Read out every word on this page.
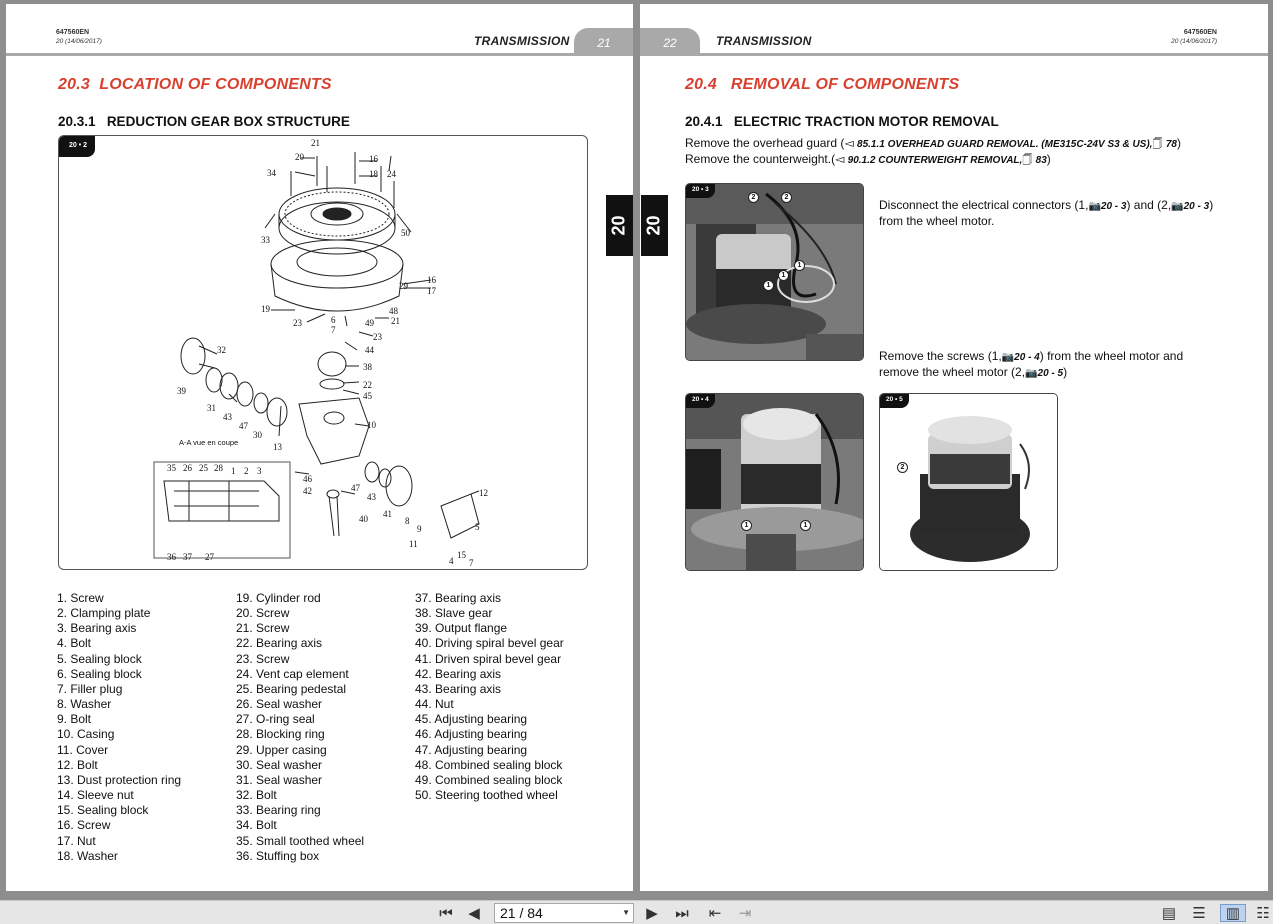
647560EN
20 (14/06/2017)	TRANSMISSION	21
20.3 LOCATION OF COMPONENTS
20.3.1 REDUCTION GEAR BOX STRUCTURE
20 • 2
A-A vue en coupe
21
20	16
34	18 24
33
50
16
29 17
19	48
21
23	6
7
49
23
32	44
38
39
22
45
31
43
47
30
13
10
35 26 25 28 1 2 3
46
42	47
43	12
41
40	8
9	5
11
4
15
7
36 37 27
1. Screw
2. Clamping plate
3. Bearing axis
4. Bolt
5. Sealing block
6. Sealing block
7. Filler plug
8. Washer
9. Bolt
10. Casing
11. Cover
12. Bolt
13. Dust protection ring
14. Sleeve nut
15. Sealing block
16. Screw
17. Nut
18. Washer
19. Cylinder rod
20. Screw
21. Screw
22. Bearing axis
23. Screw
24. Vent cap element
25. Bearing pedestal
26. Seal washer
27. O-ring seal
28. Blocking ring
29. Upper casing
30. Seal washer
31. Seal washer
32. Bolt
33. Bearing ring
34. Bolt
35. Small toothed wheel
36. Stuffing box
37. Bearing axis
38. Slave gear
39. Output flange
40. Driving spiral bevel gear
41. Driven spiral bevel gear
42. Bearing axis
43. Bearing axis
44. Nut
45. Adjusting bearing
46. Adjusting bearing
47. Adjusting bearing
48. Combined sealing block
49. Combined sealing block
50. Steering toothed wheel
20
22	TRANSMISSION
647560EN
20 (14/06/2017)
20
20.4 REMOVAL OF COMPONENTS
20.4.1 ELECTRIC TRACTION MOTOR REMOVAL
Remove the overhead guard (◅ 85.1.1 OVERHEAD GUARD REMOVAL. (ME315C-24V S3 & US),🗍 78)
Remove the counterweight.(◅ 90.1.2 COUNTERWEIGHT REMOVAL,🗍 83)
20 • 3
2	2
1
1
1
Disconnect the electrical connectors (1,📷20 - 3) and (2,📷20 - 3) from the wheel motor.
Remove the screws (1,📷20 - 4) from the wheel motor and remove the wheel motor (2,📷20 - 5)
20 • 4
1	1
20 • 5
2
⏮ ◀	21 / 84	▼ ▶ ⏭	⇤	⇥	▤ ☰	▥	☷
